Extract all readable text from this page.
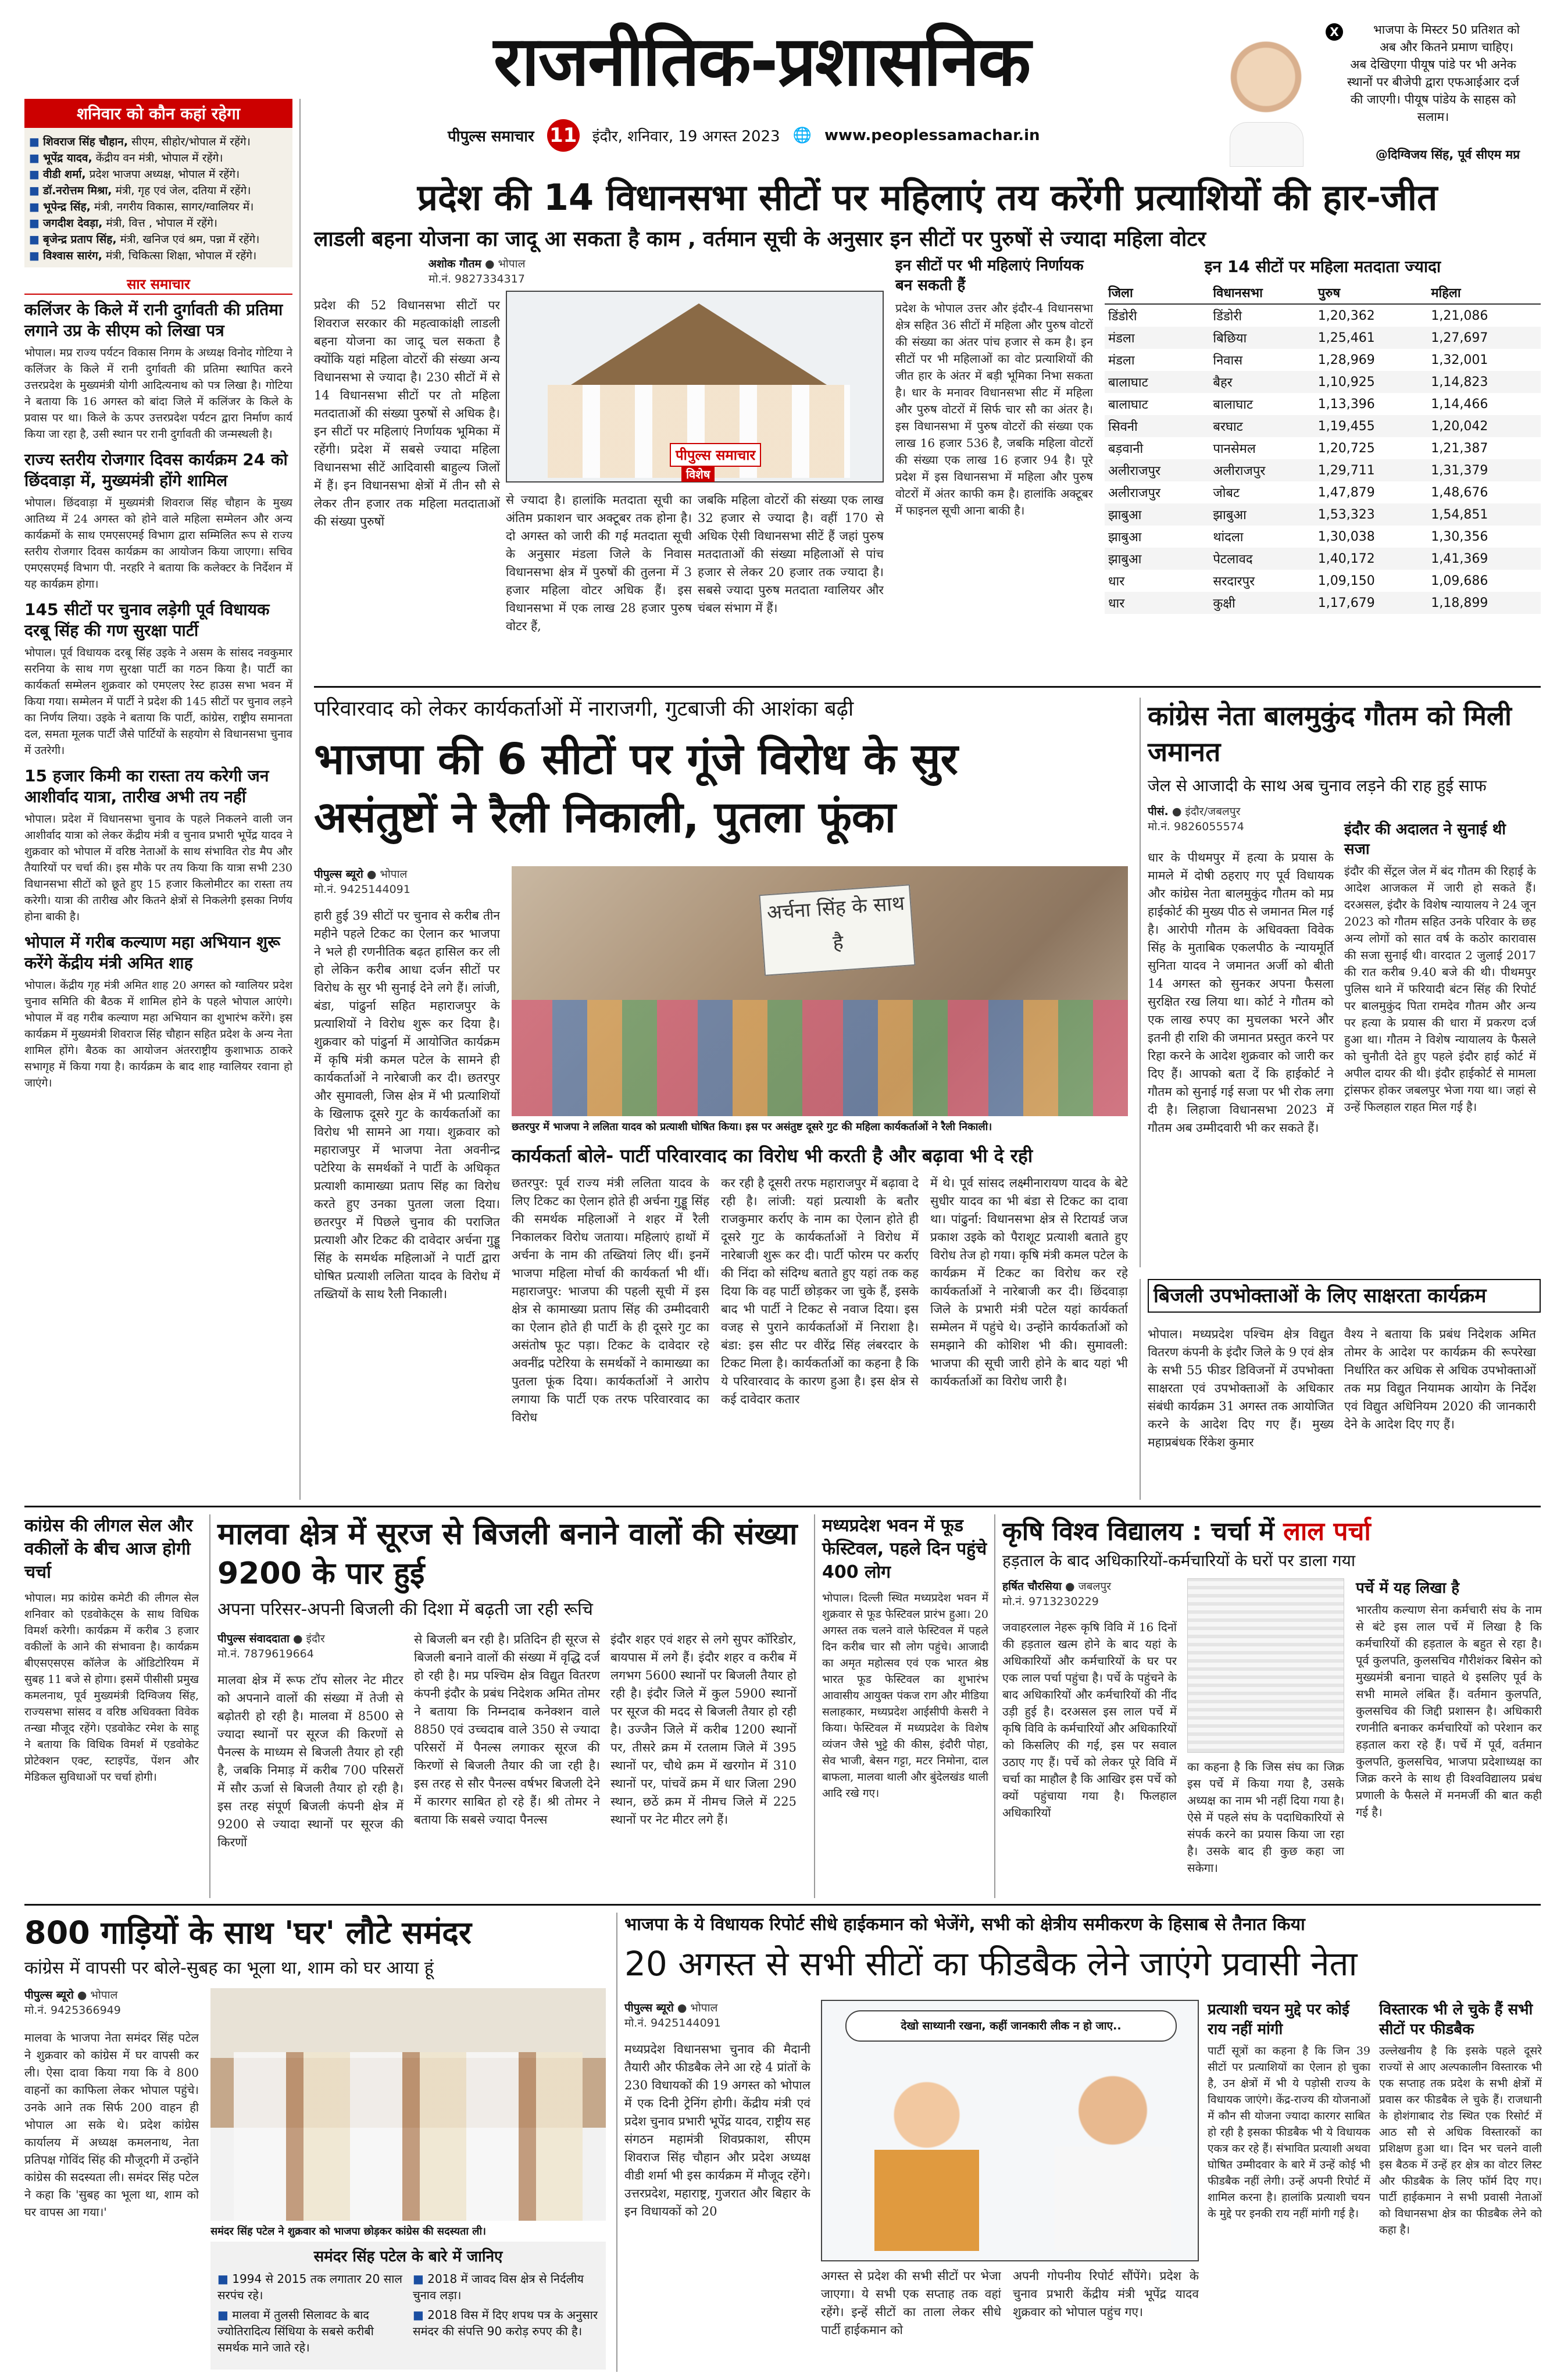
राजनीतिक-प्रशासनिक
पीपुल्स समाचार 11 इंदौर, शनिवार, 19 अगस्त 2023 🌐 www.peoplessamachar.in
X	भाजपा के मिस्टर 50 प्रतिशत को
अब और कितने प्रमाण चाहिए।
अब देखिएगा पीयूष पांडे पर भी अनेक
स्थानों पर बीजेपी द्वारा एफआईआर दर्ज
की जाएगी। पीयूष पांडेय के साहस को
सलाम।
@दिग्विजय सिंह, पूर्व सीएम मप्र
शनिवार को कौन कहां रहेगा
■ शिवराज सिंह चौहान, सीएम, सीहोर/भोपाल में रहेंगे।
■ भूपेंद्र यादव, केंद्रीय वन मंत्री, भोपाल में रहेंगे।
■ वीडी शर्मा, प्रदेश भाजपा अध्यक्ष, भोपाल में रहेंगे।
■ डॉ.नरोत्तम मिश्रा, मंत्री, गृह एवं जेल, दतिया में रहेंगे।
■ भूपेन्द्र सिंह, मंत्री, नगरीय विकास, सागर/ग्वालियर में।
■ जगदीश देवड़ा, मंत्री, वित्त , भोपाल में रहेंगे।
■ बृजेन्द्र प्रताप सिंह, मंत्री, खनिज एवं श्रम, पन्ना में रहेंगे।
■ विश्वास सारंग, मंत्री, चिकित्सा शिक्षा, भोपाल में रहेंगे।
सार समाचार
कलिंजर के किले में रानी दुर्गावती की प्रतिमा लगाने उप्र के सीएम को लिखा पत्र
भोपाल। मप्र राज्य पर्यटन विकास निगम के अध्यक्ष विनोद गोटिया ने कलिंजर के किले में रानी दुर्गावती की प्रतिमा स्थापित करने उत्तरप्रदेश के मुख्यमंत्री योगी आदित्यनाथ को पत्र लिखा है। गोटिया ने बताया कि 16 अगस्त को बांदा जिले में कलिंजर के किले के प्रवास पर था। किले के ऊपर उत्तरप्रदेश पर्यटन द्वारा निर्माण कार्य किया जा रहा है, उसी स्थान पर रानी दुर्गावती की जन्मस्थली है।
राज्य स्तरीय रोजगार दिवस कार्यक्रम 24 को छिंदवाड़ा में, मुख्यमंत्री होंगे शामिल
भोपाल। छिंदवाड़ा में मुख्यमंत्री शिवराज सिंह चौहान के मुख्य आतिथ्य में 24 अगस्त को होने वाले महिला सम्मेलन और अन्य कार्यक्रमों के साथ एमएसएमई विभाग द्वारा सम्मिलित रूप से राज्य स्तरीय रोजगार दिवस कार्यक्रम का आयोजन किया जाएगा। सचिव एमएसएमई विभाग पी. नरहरि ने बताया कि कलेक्टर के निर्देशन में यह कार्यक्रम होगा।
145 सीटों पर चुनाव लड़ेगी पूर्व विधायक दरबू सिंह की गण सुरक्षा पार्टी
भोपाल। पूर्व विधायक दरबू सिंह उइके ने असम के सांसद नवकुमार सरनिया के साथ गण सुरक्षा पार्टी का गठन किया है। पार्टी का कार्यकर्ता सम्मेलन शुक्रवार को एमएलए रेस्ट हाउस सभा भवन में किया गया। सम्मेलन में पार्टी ने प्रदेश की 145 सीटों पर चुनाव लड़ने का निर्णय लिया। उइके ने बताया कि पार्टी, कांग्रेस, राष्ट्रीय समानता दल, समता मूलक पार्टी जैसे पार्टियों के सहयोग से विधानसभा चुनाव में उतरेगी।
15 हजार किमी का रास्ता तय करेगी जन आशीर्वाद यात्रा, तारीख अभी तय नहीं
भोपाल। प्रदेश में विधानसभा चुनाव के पहले निकलने वाली जन आशीर्वाद यात्रा को लेकर केंद्रीय मंत्री व चुनाव प्रभारी भूपेंद्र यादव ने शुक्रवार को भोपाल में वरिष्ठ नेताओं के साथ संभावित रोड मैप और तैयारियों पर चर्चा की। इस मौके पर तय किया कि यात्रा सभी 230 विधानसभा सीटों को छूते हुए 15 हजार किलोमीटर का रास्ता तय करेगी। यात्रा की तारीख और कितने क्षेत्रों से निकलेगी इसका निर्णय होना बाकी है।
भोपाल में गरीब कल्याण महा अभियान शुरू करेंगे केंद्रीय मंत्री अमित शाह
भोपाल। केंद्रीय गृह मंत्री अमित शाह 20 अगस्त को ग्वालियर प्रदेश चुनाव समिति की बैठक में शामिल होने के पहले भोपाल आएंगे। भोपाल में वह गरीब कल्याण महा अभियान का शुभारंभ करेंगे। इस कार्यक्रम में मुख्यमंत्री शिवराज सिंह चौहान सहित प्रदेश के अन्य नेता शामिल होंगे। बैठक का आयोजन अंतरराष्ट्रीय कुशाभाऊ ठाकरे सभागृह में किया गया है। कार्यक्रम के बाद शाह ग्वालियर रवाना हो जाएंगे।
प्रदेश की 14 विधानसभा सीटों पर महिलाएं तय करेंगी प्रत्याशियों की हार-जीत
लाडली बहना योजना का जादू आ सकता है काम , वर्तमान सूची के अनुसार इन सीटों पर पुरुषों से ज्यादा महिला वोटर
अशोक गौतम ● भोपाल
मो.नं. 9827334317
पीपुल्स समाचार
विशेष
प्रदेश की 52 विधानसभा सीटों पर शिवराज सरकार की महत्वाकांक्षी लाडली बहना योजना का जादू चल सकता है क्योंकि यहां महिला वोटरों की संख्या अन्य विधानसभा से ज्यादा है। 230 सीटों में से 14 विधानसभा सीटों पर तो महिला मतदाताओं की संख्या पुरुषों से अधिक है। इन सीटों पर महिलाएं निर्णायक भूमिका में रहेंगी। प्रदेश में सबसे ज्यादा महिला विधानसभा सीटें आदिवासी बाहुल्य जिलों में हैं। इन विधानसभा क्षेत्रों में तीन सौ से लेकर तीन हजार तक महिला मतदाताओं की संख्या पुरुषों
से ज्यादा है। हालांकि मतदाता सूची का अंतिम प्रकाशन चार अक्टूबर तक होना है। दो अगस्त को जारी की गई मतदाता सूची के अनुसार मंडला जिले के निवास विधानसभा क्षेत्र में पुरुषों की तुलना में 3 हजार महिला वोटर अधिक हैं। इस विधानसभा में एक लाख 28 हजार पुरुष वोटर हैं,
जबकि महिला वोटरों की संख्या एक लाख 32 हजार से ज्यादा है। वहीं 170 से अधिक ऐसी विधानसभा सीटें हैं जहां पुरुष मतदाताओं की संख्या महिलाओं से पांच हजार से लेकर 20 हजार तक ज्यादा है। सबसे ज्यादा पुरुष मतदाता ग्वालियर और चंबल संभाग में हैं।
इन सीटों पर भी महिलाएं निर्णायक बन सकती हैं
प्रदेश के भोपाल उत्तर और इंदौर-4 विधानसभा क्षेत्र सहित 36 सीटों में महिला और पुरुष वोटरों की संख्या का अंतर पांच हजार से कम है। इन सीटों पर भी महिलाओं का वोट प्रत्याशियों की जीत हार के अंतर में बड़ी भूमिका निभा सकता है। धार के मनावर विधानसभा सीट में महिला और पुरुष वोटरों में सिर्फ चार सौ का अंतर है। इस विधानसभा में पुरुष वोटरों की संख्या एक लाख 16 हजार 536 है, जबकि महिला वोटरों की संख्या एक लाख 16 हजार 94 है। पूरे प्रदेश में इस विधानसभा में महिला और पुरुष वोटरों में अंतर काफी कम है। हालांकि अक्टूबर में फाइनल सूची आना बाकी है।
इन 14 सीटों पर महिला मतदाता ज्यादा
जिला	विधानसभा	पुरुष	महिला
डिंडोरी	डिंडोरी	1,20,362	1,21,086
मंडला	बिछिया	1,25,461	1,27,697
मंडला	निवास	1,28,969	1,32,001
बालाघाट	बैहर	1,10,925	1,14,823
बालाघाट	बालाघाट	1,13,396	1,14,466
सिवनी	बरघाट	1,19,455	1,20,042
बड़वानी	पानसेमल	1,20,725	1,21,387
अलीराजपुर	अलीराजपुर	1,29,711	1,31,379
अलीराजपुर	जोबट	1,47,879	1,48,676
झाबुआ	झाबुआ	1,53,323	1,54,851
झाबुआ	थांदला	1,30,038	1,30,356
झाबुआ	पेटलावद	1,40,172	1,41,369
धार	सरदारपुर	1,09,150	1,09,686
धार	कुक्षी	1,17,679	1,18,899
परिवारवाद को लेकर कार्यकर्ताओं में नाराजगी, गुटबाजी की आशंका बढ़ी
भाजपा की 6 सीटों पर गूंजे विरोध के सुर
असंतुष्टों ने रैली निकाली, पुतला फूंका
पीपुल्स ब्यूरो ● भोपाल
मो.नं. 9425144091
हारी हुई 39 सीटों पर चुनाव से करीब तीन महीने पहले टिकट का ऐलान कर भाजपा ने भले ही रणनीतिक बढ़त हासिल कर ली हो लेकिन करीब आधा दर्जन सीटों पर विरोध के सुर भी सुनाई देने लगे हैं। लांजी, बंडा, पांढुर्ना सहित महाराजपुर के प्रत्याशियों ने विरोध शुरू कर दिया है। शुक्रवार को पांढुर्ना में आयोजित कार्यक्रम में कृषि मंत्री कमल पटेल के सामने ही कार्यकर्ताओं ने नारेबाजी कर दी। छतरपुर और सुमावली, जिस क्षेत्र में भी प्रत्याशियों के खिलाफ दूसरे गुट के कार्यकर्ताओं का विरोध भी सामने आ गया। शुक्रवार को महाराजपुर में भाजपा नेता अवनीन्द्र पटेरिया के समर्थकों ने पार्टी के अधिकृत प्रत्याशी कामाख्या प्रताप सिंह का विरोध करते हुए उनका पुतला जला दिया। छतरपुर में पिछले चुनाव की पराजित प्रत्याशी और टिकट की दावेदार अर्चना गुड्डू सिंह के समर्थक महिलाओं ने पार्टी द्वारा घोषित प्रत्याशी ललिता यादव के विरोध में तख्तियों के साथ रैली निकाली।
अर्चना सिंह के साथ है
छतरपुर में भाजपा ने ललिता यादव को प्रत्याशी घोषित किया। इस पर असंतुष्ट दूसरे गुट की महिला कार्यकर्ताओं ने रैली निकाली।
कार्यकर्ता बोले- पार्टी परिवारवाद का विरोध भी करती है और बढ़ावा भी दे रही
छतरपुर: पूर्व राज्य मंत्री ललिता यादव के लिए टिकट का ऐलान होते ही अर्चना गुड्डू सिंह की समर्थक महिलाओं ने शहर में रैली निकालकर विरोध जताया। महिलाएं हाथों में अर्चना के नाम की तख्तियां लिए थीं। इनमें भाजपा महिला मोर्चा की कार्यकर्ता भी थीं। महाराजपुर: भाजपा की पहली सूची में इस क्षेत्र से कामाख्या प्रताप सिंह की उम्मीदवारी का ऐलान होते ही पार्टी के ही दूसरे गुट का असंतोष फूट पड़ा। टिकट के दावेदार रहे अवनींद्र पटेरिया के समर्थकों ने कामाख्या का पुतला फूंक दिया। कार्यकर्ताओं ने आरोप लगाया कि पार्टी एक तरफ परिवारवाद का विरोध
कर रही है दूसरी तरफ महाराजपुर में बढ़ावा दे रही है। लांजी: यहां प्रत्याशी के बतौर राजकुमार कर्राए के नाम का ऐलान होते ही दूसरे गुट के कार्यकर्ताओं ने विरोध में नारेबाजी शुरू कर दी। पार्टी फोरम पर कर्राए की निंदा को संदिग्ध बताते हुए यहां तक कह दिया कि वह पार्टी छोड़कर जा चुके हैं, इसके बाद भी पार्टी ने टिकट से नवाज दिया। इस वजह से पुराने कार्यकर्ताओं में निराशा है। बंडा: इस सीट पर वीरेंद्र सिंह लंबरदार के टिकट मिला है। कार्यकर्ताओं का कहना है कि ये परिवारवाद के कारण हुआ है। इस क्षेत्र से कई दावेदार कतार
में थे। पूर्व सांसद लक्ष्मीनारायण यादव के बेटे सुधीर यादव का भी बंडा से टिकट का दावा था। पांढुर्ना: विधानसभा क्षेत्र से रिटायर्ड जज प्रकाश उइके को पैराशूट प्रत्याशी बताते हुए विरोध तेज हो गया। कृषि मंत्री कमल पटेल के कार्यक्रम में टिकट का विरोध कर रहे कार्यकर्ताओं ने नारेबाजी कर दी। छिंदवाड़ा जिले के प्रभारी मंत्री पटेल यहां कार्यकर्ता सम्मेलन में पहुंचे थे। उन्होंने कार्यकर्ताओं को समझाने की कोशिश भी की। सुमावली: भाजपा की सूची जारी होने के बाद यहां भी कार्यकर्ताओं का विरोध जारी है।
कांग्रेस नेता बालमुकुंद गौतम को मिली जमानत
जेल से आजादी के साथ अब चुनाव लड़ने की राह हुई साफ
पीसं. ● इंदौर/जबलपुर
मो.नं. 9826055574
धार के पीथमपुर में हत्या के प्रयास के मामले में दोषी ठहराए गए पूर्व विधायक और कांग्रेस नेता बालमुकुंद गौतम को मप्र हाईकोर्ट की मुख्य पीठ से जमानत मिल गई है। आरोपी गौतम के अधिवक्ता विवेक सिंह के मुताबिक एकलपीठ के न्यायमूर्ति सुनिता यादव ने जमानत अर्जी को बीती 14 अगस्त को सुनकर अपना फैसला सुरक्षित रख लिया था। कोर्ट ने गौतम को एक लाख रुपए का मुचलका भरने और इतनी ही राशि की जमानत प्रस्तुत करने पर रिहा करने के आदेश शुक्रवार को जारी कर दिए हैं। आपको बता दें कि हाईकोर्ट ने गौतम को सुनाई गई सजा पर भी रोक लगा दी है। लिहाजा विधानसभा 2023 में गौतम अब उम्मीदवारी भी कर सकते हैं।
इंदौर की अदालत ने सुनाई थी सजा
इंदौर की सेंट्रल जेल में बंद गौतम की रिहाई के आदेश आजकल में जारी हो सकते हैं। दरअसल, इंदौर के विशेष न्यायालय ने 24 जून 2023 को गौतम सहित उनके परिवार के छह अन्य लोगों को सात वर्ष के कठोर कारावास की सजा सुनाई थी। वारदात 2 जुलाई 2017 की रात करीब 9.40 बजे की थी। पीथमपुर पुलिस थाने में फरियादी बंटन सिंह की रिपोर्ट पर बालमुकुंद पिता रामदेव गौतम और अन्य पर हत्या के प्रयास की धारा में प्रकरण दर्ज हुआ था। गौतम ने विशेष न्यायालय के फैसले को चुनौती देते हुए पहले इंदौर हाई कोर्ट में अपील दायर की थी। इंदौर हाईकोर्ट से मामला ट्रांसफर होकर जबलपुर भेजा गया था। जहां से उन्हें फिलहाल राहत मिल गई है।
बिजली उपभोक्ताओं के लिए साक्षरता कार्यक्रम
भोपाल। मध्यप्रदेश पश्चिम क्षेत्र विद्युत वितरण कंपनी के इंदौर जिले के 9 एवं क्षेत्र के सभी 55 फीडर डिविजनों में उपभोक्ता साक्षरता एवं उपभोक्ताओं के अधिकार संबंधी कार्यक्रम 31 अगस्त तक आयोजित करने के आदेश दिए गए हैं। मुख्य महाप्रबंधक रिंकेश कुमार
वैश्य ने बताया कि प्रबंध निदेशक अमित तोमर के आदेश पर कार्यक्रम की रूपरेखा निर्धारित कर अधिक से अधिक उपभोक्ताओं तक मप्र विद्युत नियामक आयोग के निर्देश एवं विद्युत अधिनियम 2020 की जानकारी देने के आदेश दिए गए हैं।
कांग्रेस की लीगल सेल और वकीलों के बीच आज होगी चर्चा
भोपाल। मप्र कांग्रेस कमेटी की लीगल सेल शनिवार को एडवोकेट्स के साथ विधिक विमर्श करेगी। कार्यक्रम में करीब 3 हजार वकीलों के आने की संभावना है। कार्यक्रम बीएसएसएस कॉलेज के ऑडिटोरियम में सुबह 11 बजे से होगा। इसमें पीसीसी प्रमुख कमलनाथ, पूर्व मुख्यमंत्री दिग्विजय सिंह, राज्यसभा सांसद व वरिष्ठ अधिवक्ता विवेक तन्खा मौजूद रहेंगे। एडवोकेट रमेश के साहू ने बताया कि विधिक विमर्श में एडवोकेट प्रोटेक्शन एक्ट, स्टाइपेंड, पेंशन और मेडिकल सुविधाओं पर चर्चा होगी।
मालवा क्षेत्र में सूरज से बिजली बनाने वालों की संख्या 9200 के पार हुई
अपना परिसर-अपनी बिजली की दिशा में बढ़ती जा रही रूचि
पीपुल्स संवाददाता ● इंदौर
मो.नं. 7879619664
मालवा क्षेत्र में रूफ टॉप सोलर नेट मीटर को अपनाने वालों की संख्या में तेजी से बढ़ोतरी हो रही है। मालवा में 8500 से ज्यादा स्थानों पर सूरज की किरणों से पैनल्स के माध्यम से बिजली तैयार हो रही है, जबकि निमाड़ में करीब 700 परिसरों में सौर ऊर्जा से बिजली तैयार हो रही है। इस तरह संपूर्ण बिजली कंपनी क्षेत्र में 9200 से ज्यादा स्थानों पर सूरज की किरणों
से बिजली बन रही है। प्रतिदिन ही सूरज से बिजली बनाने वालों की संख्या में वृद्धि दर्ज हो रही है। मप्र पश्चिम क्षेत्र विद्युत वितरण कंपनी इंदौर के प्रबंध निदेशक अमित तोमर ने बताया कि निम्नदाब कनेक्शन वाले 8850 एवं उच्चदाब वाले 350 से ज्यादा परिसरों में पैनल्स लगाकर सूरज की किरणों से बिजली तैयार की जा रही है। इस तरह से सौर पैनल्स वर्षभर बिजली देने में कारगर साबित हो रहे हैं। श्री तोमर ने बताया कि सबसे ज्यादा पैनल्स
इंदौर शहर एवं शहर से लगे सुपर कॉरिडोर, बायपास में लगे हैं। इंदौर शहर व करीब में लगभग 5600 स्थानों पर बिजली तैयार हो रही है। इंदौर जिले में कुल 5900 स्थानों पर सूरज की मदद से बिजली तैयार हो रही है। उज्जैन जिले में करीब 1200 स्थानों पर, तीसरे क्रम में रतलाम जिले में 395 स्थानों पर, चौथे क्रम में खरगोन में 310 स्थानों पर, पांचवें क्रम में धार जिला 290 स्थान, छठें क्रम में नीमच जिले में 225 स्थानों पर नेट मीटर लगे हैं।
मध्यप्रदेश भवन में फूड फेस्टिवल, पहले दिन पहुंचे 400 लोग
भोपाल। दिल्ली स्थित मध्यप्रदेश भवन में शुक्रवार से फूड फेस्टिवल प्रारंभ हुआ। 20 अगस्त तक चलने वाले फेस्टिवल में पहले दिन करीब चार सौ लोग पहुंचे। आजादी का अमृत महोत्सव एवं एक भारत श्रेष्ठ भारत फूड फेस्टिवल का शुभारंभ आवासीय आयुक्त पंकज राग और मीडिया सलाहकार, मध्यप्रदेश आईसीपी केसरी ने किया। फेस्टिवल में मध्यप्रदेश के विशेष व्यंजन जैसे भुट्टे की कीस, इंदौरी पोहा, सेव भाजी, बेसन गट्टा, मटर निमोना, दाल बाफला, मालवा थाली और बुंदेलखंड थाली आदि रखे गए।
कृषि विश्व विद्यालय : चर्चा में लाल पर्चा
हड़ताल के बाद अधिकारियों-कर्मचारियों के घरों पर डाला गया
हर्षित चौरसिया ● जबलपुर
मो.नं. 9713230229
जवाहरलाल नेहरू कृषि विवि में 16 दिनों की हड़ताल खत्म होने के बाद यहां के अधिकारियों और कर्मचारियों के घर पर एक लाल पर्चा पहुंचा है। पर्चे के पहुंचने के बाद अधिकारियों और कर्मचारियों की नींद उड़ी हुई है। दरअसल इस लाल पर्चे में कृषि विवि के कर्मचारियों और अधिकारियों को किसलिए की गई, इस पर सवाल उठाए गए हैं। पर्चे को लेकर पूरे विवि में चर्चा का माहौल है कि आखिर इस पर्चे को क्यों पहुंचाया गया है। फिलहाल अधिकारियों
का कहना है कि जिस संघ का जिक्र इस पर्चे में किया गया है, उसके अध्यक्ष का नाम भी नहीं दिया गया है। ऐसे में पहले संघ के पदाधिकारियों से संपर्क करने का प्रयास किया जा रहा है। उसके बाद ही कुछ कहा जा सकेगा।
पर्चे में यह लिखा है
भारतीय कल्याण सेना कर्मचारी संघ के नाम से बंटे इस लाल पर्चे में लिखा है कि कर्मचारियों की हड़ताल के बहुत से रहा है। पूर्व कुलपति, कुलसचिव गौरीशंकर बिसेन को मुख्यमंत्री बनाना चाहते थे इसलिए पूर्व के सभी मामले लंबित हैं। वर्तमान कुलपति, कुलसचिव की जिद्दी प्रशासन है। अधिकारी रणनीति बनाकर कर्मचारियों को परेशान कर हड़ताल करा रहे हैं। पर्चे में पूर्व, वर्तमान कुलपति, कुलसचिव, भाजपा प्रदेशाध्यक्ष का जिक्र करने के साथ ही विश्वविद्यालय प्रबंध प्रणाली के फैसले में मनमर्जी की बात कही गई है।
800 गाड़ियों के साथ 'घर' लौटे समंदर
कांग्रेस में वापसी पर बोले-सुबह का भूला था, शाम को घर आया हूं
पीपुल्स ब्यूरो ● भोपाल
मो.नं. 9425366949
मालवा के भाजपा नेता समंदर सिंह पटेल ने शुक्रवार को कांग्रेस में घर वापसी कर ली। ऐसा दावा किया गया कि वे 800 वाहनों का काफिला लेकर भोपाल पहुंचे। उनके आने तक सिर्फ 200 वाहन ही भोपाल आ सके थे। प्रदेश कांग्रेस कार्यालय में अध्यक्ष कमलनाथ, नेता प्रतिपक्ष गोविंद सिंह की मौजूदगी में उन्होंने कांग्रेस की सदस्यता ली। समंदर सिंह पटेल ने कहा कि 'सुबह का भूला था, शाम को घर वापस आ गया।'
समंदर सिंह पटेल ने शुक्रवार को भाजपा छोड़कर कांग्रेस की सदस्यता ली।
समंदर सिंह पटेल के बारे में जानिए
■ 1994 से 2015 तक लगातार 20 साल सरपंच रहे।
■ मालवा में तुलसी सिलावट के बाद ज्योतिरादित्य सिंधिया के सबसे करीबी समर्थक माने जाते रहे।
■ 2018 में जावद विस क्षेत्र से निर्दलीय चुनाव लड़ा।
■ 2018 विस में दिए शपथ पत्र के अनुसार समंदर की संपत्ति 90 करोड़ रुपए की है।
भाजपा के ये विधायक रिपोर्ट सीधे हाईकमान को भेजेंगे, सभी को क्षेत्रीय समीकरण के हिसाब से तैनात किया
20 अगस्त से सभी सीटों का फीडबैक लेने जाएंगे प्रवासी नेता
पीपुल्स ब्यूरो ● भोपाल
मो.नं. 9425144091
मध्यप्रदेश विधानसभा चुनाव की मैदानी तैयारी और फीडबैक लेने आ रहे 4 प्रांतों के 230 विधायकों की 19 अगस्त को भोपाल में एक दिनी ट्रेनिंग होगी। केंद्रीय मंत्री एवं प्रदेश चुनाव प्रभारी भूपेंद्र यादव, राष्ट्रीय सह संगठन महामंत्री शिवप्रकाश, सीएम शिवराज सिंह चौहान और प्रदेश अध्यक्ष वीडी शर्मा भी इस कार्यक्रम में मौजूद रहेंगे। उत्तरप्रदेश, महाराष्ट्र, गुजरात और बिहार के इन विधायकों को 20
देखो साथ्यानी रखना, कहीं जानकारी लीक न हो जाए..
अगस्त से प्रदेश की सभी सीटों पर भेजा जाएगा। ये सभी एक सप्ताह तक वहां रहेंगे। इन्हें सीटों का ताला लेकर सीधे पार्टी हाईकमान को
अपनी गोपनीय रिपोर्ट सौंपेंगे। प्रदेश के चुनाव प्रभारी केंद्रीय मंत्री भूपेंद्र यादव शुक्रवार को भोपाल पहुंच गए।
प्रत्याशी चयन मुद्दे पर कोई राय नहीं मांगी
पार्टी सूत्रों का कहना है कि जिन 39 सीटों पर प्रत्याशियों का ऐलान हो चुका है, उन क्षेत्रों में भी ये पड़ोसी राज्य के विधायक जाएंगे। केंद्र-राज्य की योजनाओं में कौन सी योजना ज्यादा कारगर साबित हो रही है इसका फीडबैक भी ये विधायक एकत्र कर रहे हैं। संभावित प्रत्याशी अथवा घोषित उम्मीदवार के बारे में उन्हें कोई भी फीडबैक नहीं लेगी। उन्हें अपनी रिपोर्ट में शामिल करना है। हालांकि प्रत्याशी चयन के मुद्दे पर इनकी राय नहीं मांगी गई है।
विस्तारक भी ले चुके हैं सभी सीटों पर फीडबैक
उल्लेखनीय है कि इसके पहले दूसरे राज्यों से आए अल्पकालीन विस्तारक भी एक सप्ताह तक प्रदेश के सभी क्षेत्रों में प्रवास कर फीडबैक ले चुके हैं। राजधानी के होशंगाबाद रोड स्थित एक रिसोर्ट में आठ सौ से अधिक विस्तारकों का प्रशिक्षण हुआ था। दिन भर चलने वाली इस बैठक में उन्हें हर क्षेत्र का वोटर लिस्ट और फीडबैक के लिए फॉर्म दिए गए। पार्टी हाईकमान ने सभी प्रवासी नेताओं को विधानसभा क्षेत्र का फीडबैक लेने को कहा है।
